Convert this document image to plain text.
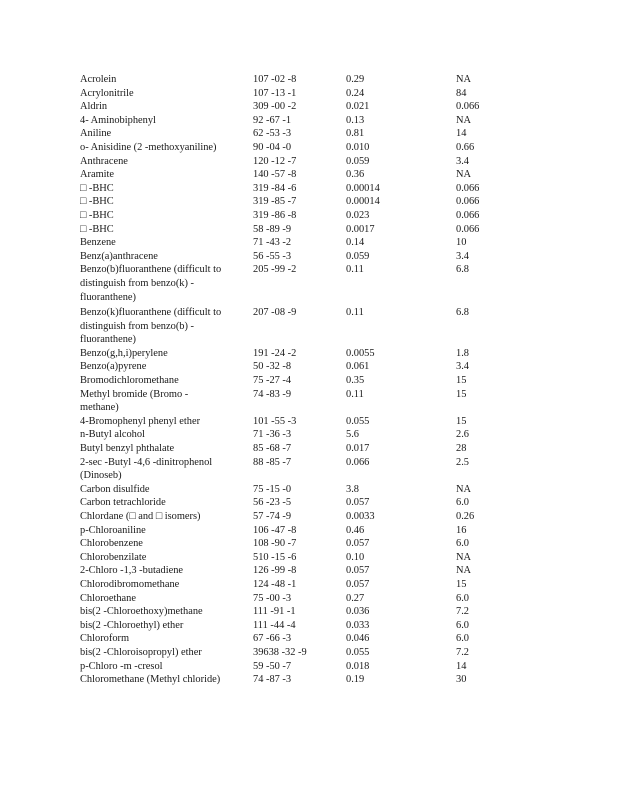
Acrolein	107 -02 -8	0.29	NA
Acrylonitrile	107 -13 -1	0.24	84
Aldrin	309 -00 -2	0.021	0.066
4- Aminobiphenyl	92 -67 -1	0.13	NA
Aniline	62 -53 -3	0.81	14
o- Anisidine (2 -methoxyaniline)	90 -04 -0	0.010	0.66
Anthracene	120 -12 -7	0.059	3.4
Aramite	140 -57 -8	0.36	NA
□ -BHC	319 -84 -6	0.00014	0.066
□ -BHC	319 -85 -7	0.00014	0.066
□ -BHC	319 -86 -8	0.023	0.066
□ -BHC	58 -89 -9	0.0017	0.066
Benzene	71 -43 -2	0.14	10
Benz(a)anthracene	56 -55 -3	0.059	3.4
Benzo(b)fluoranthene (difficult to distinguish from benzo(k) - fluoranthene)	205 -99 -2	0.11	6.8
Benzo(k)fluoranthene (difficult to distinguish from benzo(b) - fluoranthene)	207 -08 -9	0.11	6.8
Benzo(g,h,i)perylene	191 -24 -2	0.0055	1.8
Benzo(a)pyrene	50 -32 -8	0.061	3.4
Bromodichloromethane	75 -27 -4	0.35	15
Methyl bromide (Bromo - methane)	74 -83 -9	0.11	15
4-Bromophenyl phenyl ether	101 -55 -3	0.055	15
n-Butyl alcohol	71 -36 -3	5.6	2.6
Butyl benzyl phthalate	85 -68 -7	0.017	28
2-sec -Butyl -4,6 -dinitrophenol (Dinoseb)	88 -85 -7	0.066	2.5
Carbon disulfide	75 -15 -0	3.8	NA
Carbon tetrachloride	56 -23 -5	0.057	6.0
Chlordane (□ and □ isomers)	57 -74 -9	0.0033	0.26
p-Chloroaniline	106 -47 -8	0.46	16
Chlorobenzene	108 -90 -7	0.057	6.0
Chlorobenzilate	510 -15 -6	0.10	NA
2-Chloro -1,3 -butadiene	126 -99 -8	0.057	NA
Chlorodibromomethane	124 -48 -1	0.057	15
Chloroethane	75 -00 -3	0.27	6.0
bis(2 -Chloroethoxy)methane	111 -91 -1	0.036	7.2
bis(2 -Chloroethyl) ether	111 -44 -4	0.033	6.0
Chloroform	67 -66 -3	0.046	6.0
bis(2 -Chloroisopropyl) ether	39638 -32 -9	0.055	7.2
p-Chloro -m -cresol	59 -50 -7	0.018	14
Chloromethane (Methyl chloride)	74 -87 -3	0.19	30
